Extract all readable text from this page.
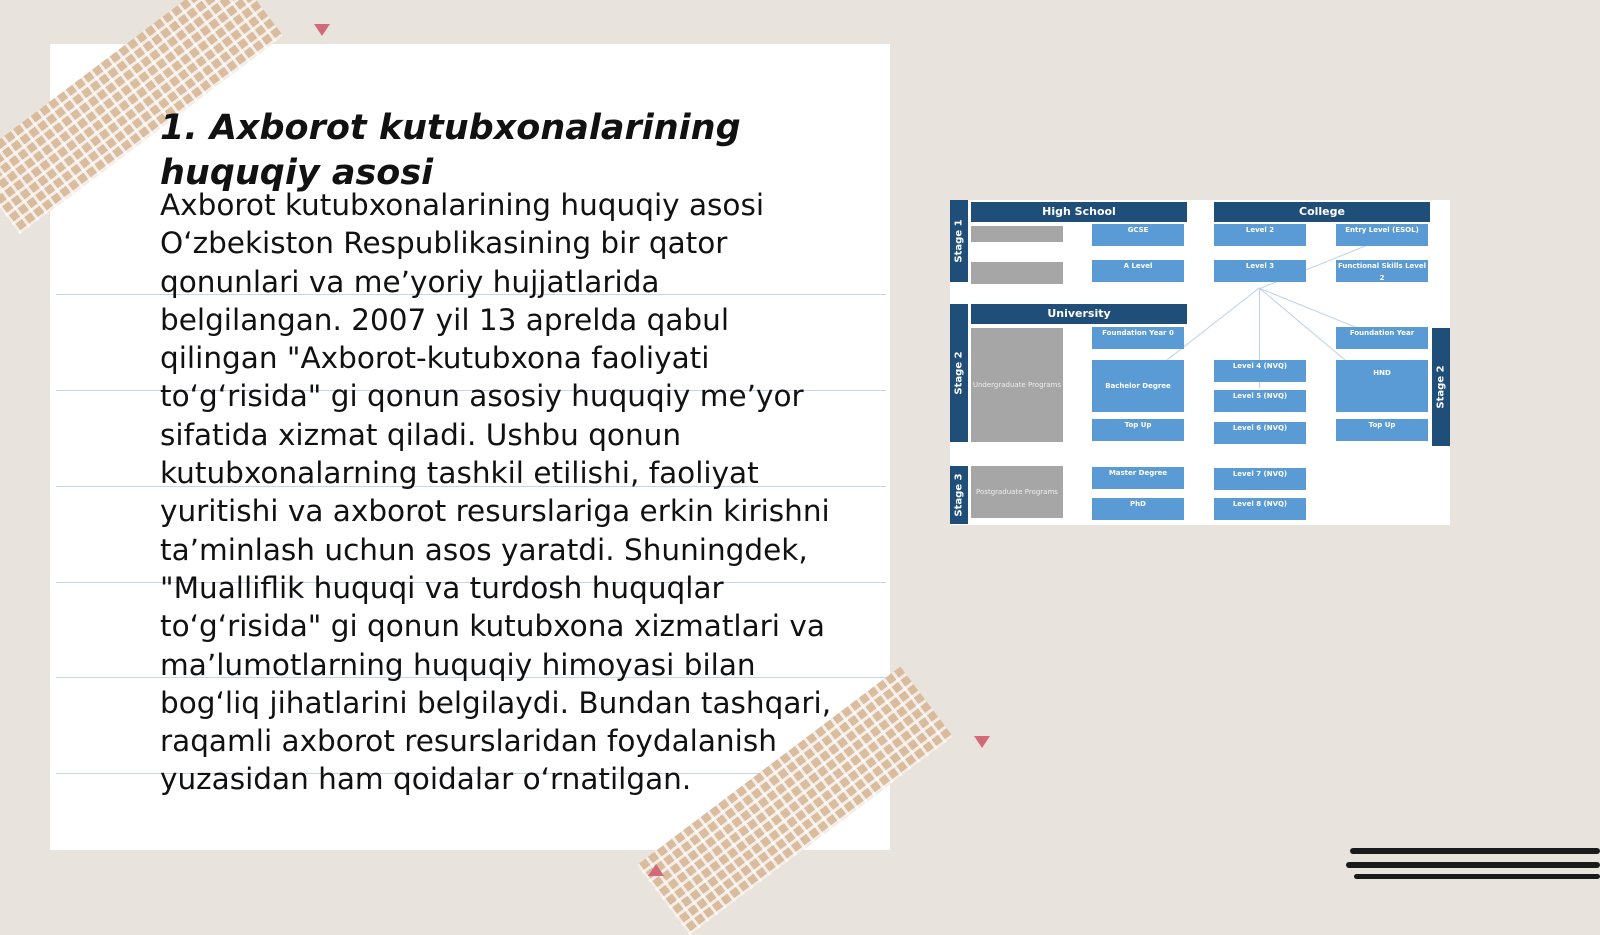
1. Axborot kutubxonalarining huquqiy asosi
Axborot kutubxonalarining huquqiy asosi
O‘zbekiston Respublikasining bir qator
qonunlari va me’yoriy hujjatlarida
belgilangan. 2007 yil 13 aprelda qabul
qilingan "Axborot-kutubxona faoliyati
to‘g‘risida" gi qonun asosiy huquqiy me’yor
sifatida xizmat qiladi. Ushbu qonun
kutubxonalarning tashkil etilishi, faoliyat
yuritishi va axborot resurslariga erkin kirishni
ta’minlash uchun asos yaratdi. Shuningdek,
"Mualliflik huquqi va turdosh huquqlar
to‘g‘risida" gi qonun kutubxona xizmatlari va
ma’lumotlarning huquqiy himoyasi bilan
bog‘liq jihatlarini belgilaydi. Bundan tashqari,
raqamli axborot resurslaridan foydalanish
yuzasidan ham qoidalar o‘rnatilgan.
Stage 1
Stage 2
Stage 3
Stage 2
High School	College
University
Undergraduate Programs
Postgraduate Programs
GCSE
A Level
Foundation Year 0
Bachelor Degree
Top Up
Master Degree
PhD
Level 2
Level 3
Level 4 (NVQ)
Level 5 (NVQ)
Level 6 (NVQ)
Level 7 (NVQ)
Level 8 (NVQ)
Entry Level (ESOL)
Functional Skills Level 2
Foundation Year
HND
Top Up
